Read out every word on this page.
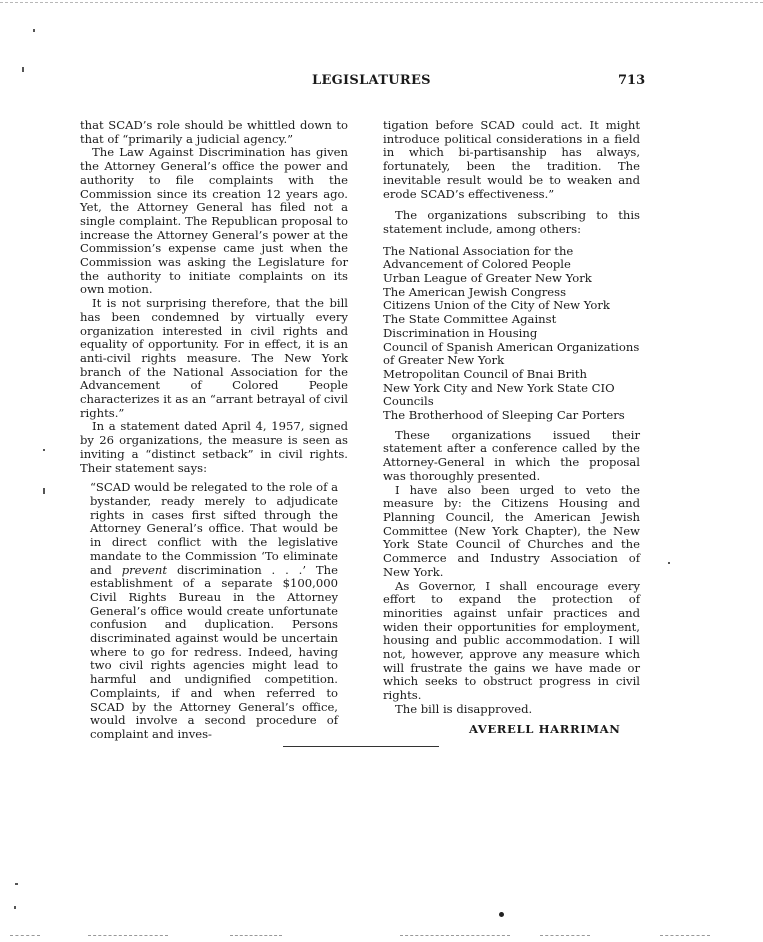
LEGISLATURES	713

that SCAD’s role should be whittled down to that of “primarily a judicial agency.”

The Law Against Discrimination has given the Attorney General’s office the power and authority to file complaints with the Commission since its creation 12 years ago. Yet, the Attorney General has filed not a single complaint. The Republican proposal to increase the Attorney General’s power at the Commission’s expense came just when the Commission was asking the Legislature for the authority to initiate complaints on its own motion.

It is not surprising therefore, that the bill has been condemned by virtually every organization interested in civil rights and equality of opportunity. For in effect, it is an anti-civil rights measure. The New York branch of the National Association for the Advancement of Colored People characterizes it as an “arrant betrayal of civil rights.”

In a statement dated April 4, 1957, signed by 26 organizations, the measure is seen as inviting a “distinct setback” in civil rights. Their statement says:

“SCAD would be relegated to the role of a bystander, ready merely to adjudicate rights in cases first sifted through the Attorney General’s office. That would be in direct conflict with the legislative mandate to the Commission ‘To eliminate and prevent discrimination . . .’ The establishment of a separate $100,000 Civil Rights Bureau in the Attorney General’s office would create unfortunate confusion and duplication. Persons discriminated against would be uncertain where to go for redress. Indeed, having two civil rights agencies might lead to harmful and undignified competition. Complaints, if and when referred to SCAD by the Attorney General’s office, would involve a second procedure of complaint and inves-

tigation before SCAD could act. It might introduce political considerations in a field in which bi-partisanship has always, fortunately, been the tradition. The inevitable result would be to weaken and erode SCAD’s effectiveness.”

The organizations subscribing to this statement include, among others:

The National Association for the Advancement of Colored People
Urban League of Greater New York
The American Jewish Congress
Citizens Union of the City of New York
The State Committee Against Discrimination in Housing
Council of Spanish American Organizations of Greater New York
Metropolitan Council of Bnai Brith
New York City and New York State CIO Councils
The Brotherhood of Sleeping Car Porters

These organizations issued their statement after a conference called by the Attorney-General in which the proposal was thoroughly presented.

I have also been urged to veto the measure by: the Citizens Housing and Planning Council, the American Jewish Committee (New York Chapter), the New York State Council of Churches and the Commerce and Industry Association of New York.

As Governor, I shall encourage every effort to expand the protection of minorities against unfair practices and widen their opportunities for employment, housing and public accommodation. I will not, however, approve any measure which will frustrate the gains we have made or which seeks to obstruct progress in civil rights.

The bill is disapproved.

AVERELL HARRIMAN
